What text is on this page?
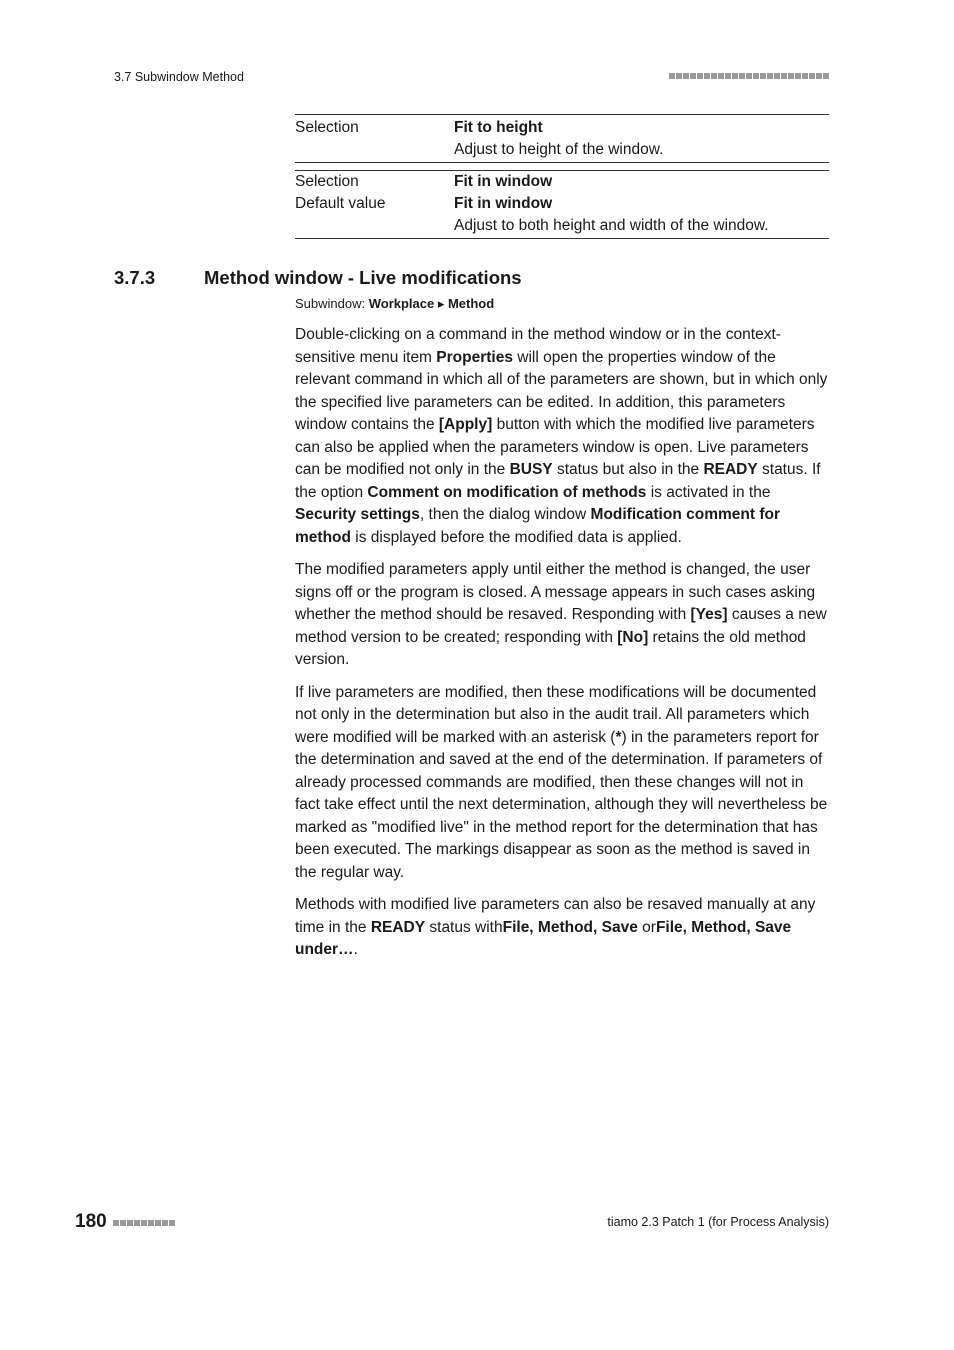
3.7 Subwindow Method
Selection	Fit to height
Adjust to height of the window.
Selection	Fit in window
Default value	Fit in window
Adjust to both height and width of the window.
3.7.3	Method window - Live modifications
Subwindow: Workplace ▸ Method

Double-clicking on a command in the method window or in the context-sensitive menu item Properties will open the properties window of the relevant command in which all of the parameters are shown, but in which only the specified live parameters can be edited. In addition, this parameters window contains the [Apply] button with which the modified live parameters can also be applied when the parameters window is open. Live parameters can be modified not only in the BUSY status but also in the READY status. If the option Comment on modification of methods is activated in the Security settings, then the dialog window Modification comment for method is displayed before the modified data is applied.

The modified parameters apply until either the method is changed, the user signs off or the program is closed. A message appears in such cases asking whether the method should be resaved. Responding with [Yes] causes a new method version to be created; responding with [No] retains the old method version.

If live parameters are modified, then these modifications will be documented not only in the determination but also in the audit trail. All parameters which were modified will be marked with an asterisk (*) in the parameters report for the determination and saved at the end of the determination. If parameters of already processed commands are modified, then these changes will not in fact take effect until the next determination, although they will nevertheless be marked as "modified live" in the method report for the determination that has been executed. The markings disappear as soon as the method is saved in the regular way.

Methods with modified live parameters can also be resaved manually at any time in the READY status withFile, Method, Save orFile, Method, Save under….

180	tiamo 2.3 Patch 1 (for Process Analysis)
